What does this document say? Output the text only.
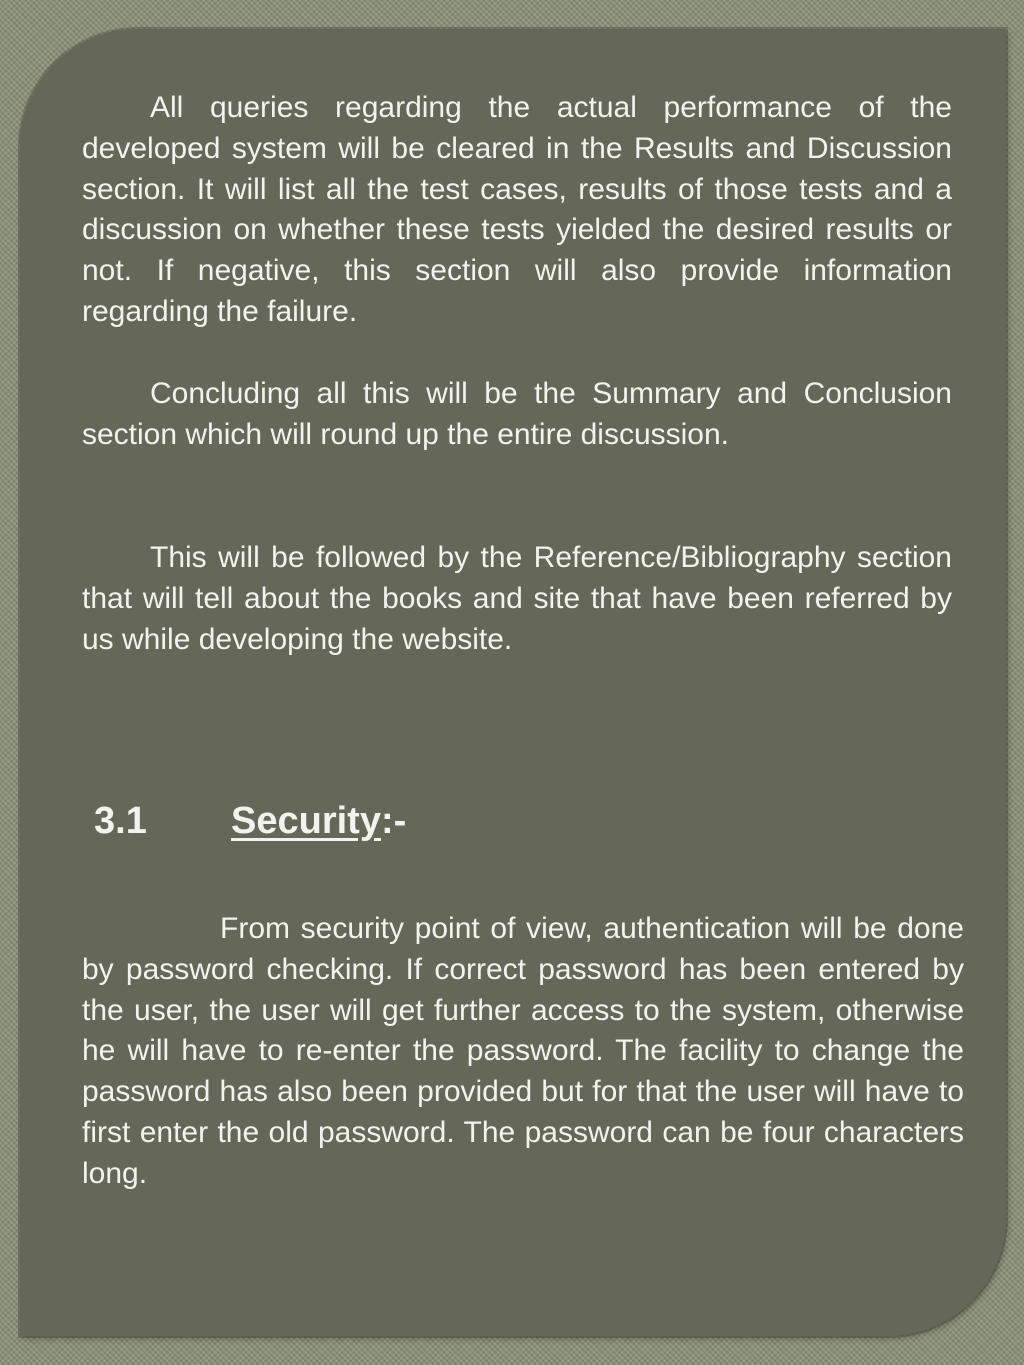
All queries regarding the actual performance of the developed system will be cleared in the Results and Discussion section. It will list all the test cases, results of those tests and a discussion on whether these tests yielded the desired results or not. If negative, this section will also provide information regarding the failure.

Concluding all this will be the Summary and Conclusion section which will round up the entire discussion.

This will be followed by the Reference/Bibliography section that will tell about the books and site that have been referred by us while developing the website.

3.1 Security:-

From security point of view, authentication will be done by password checking. If correct password has been entered by the user, the user will get further access to the system, otherwise he will have to re-enter the password. The facility to change the password has also been provided but for that the user will have to first enter the old password. The password can be four characters long.
